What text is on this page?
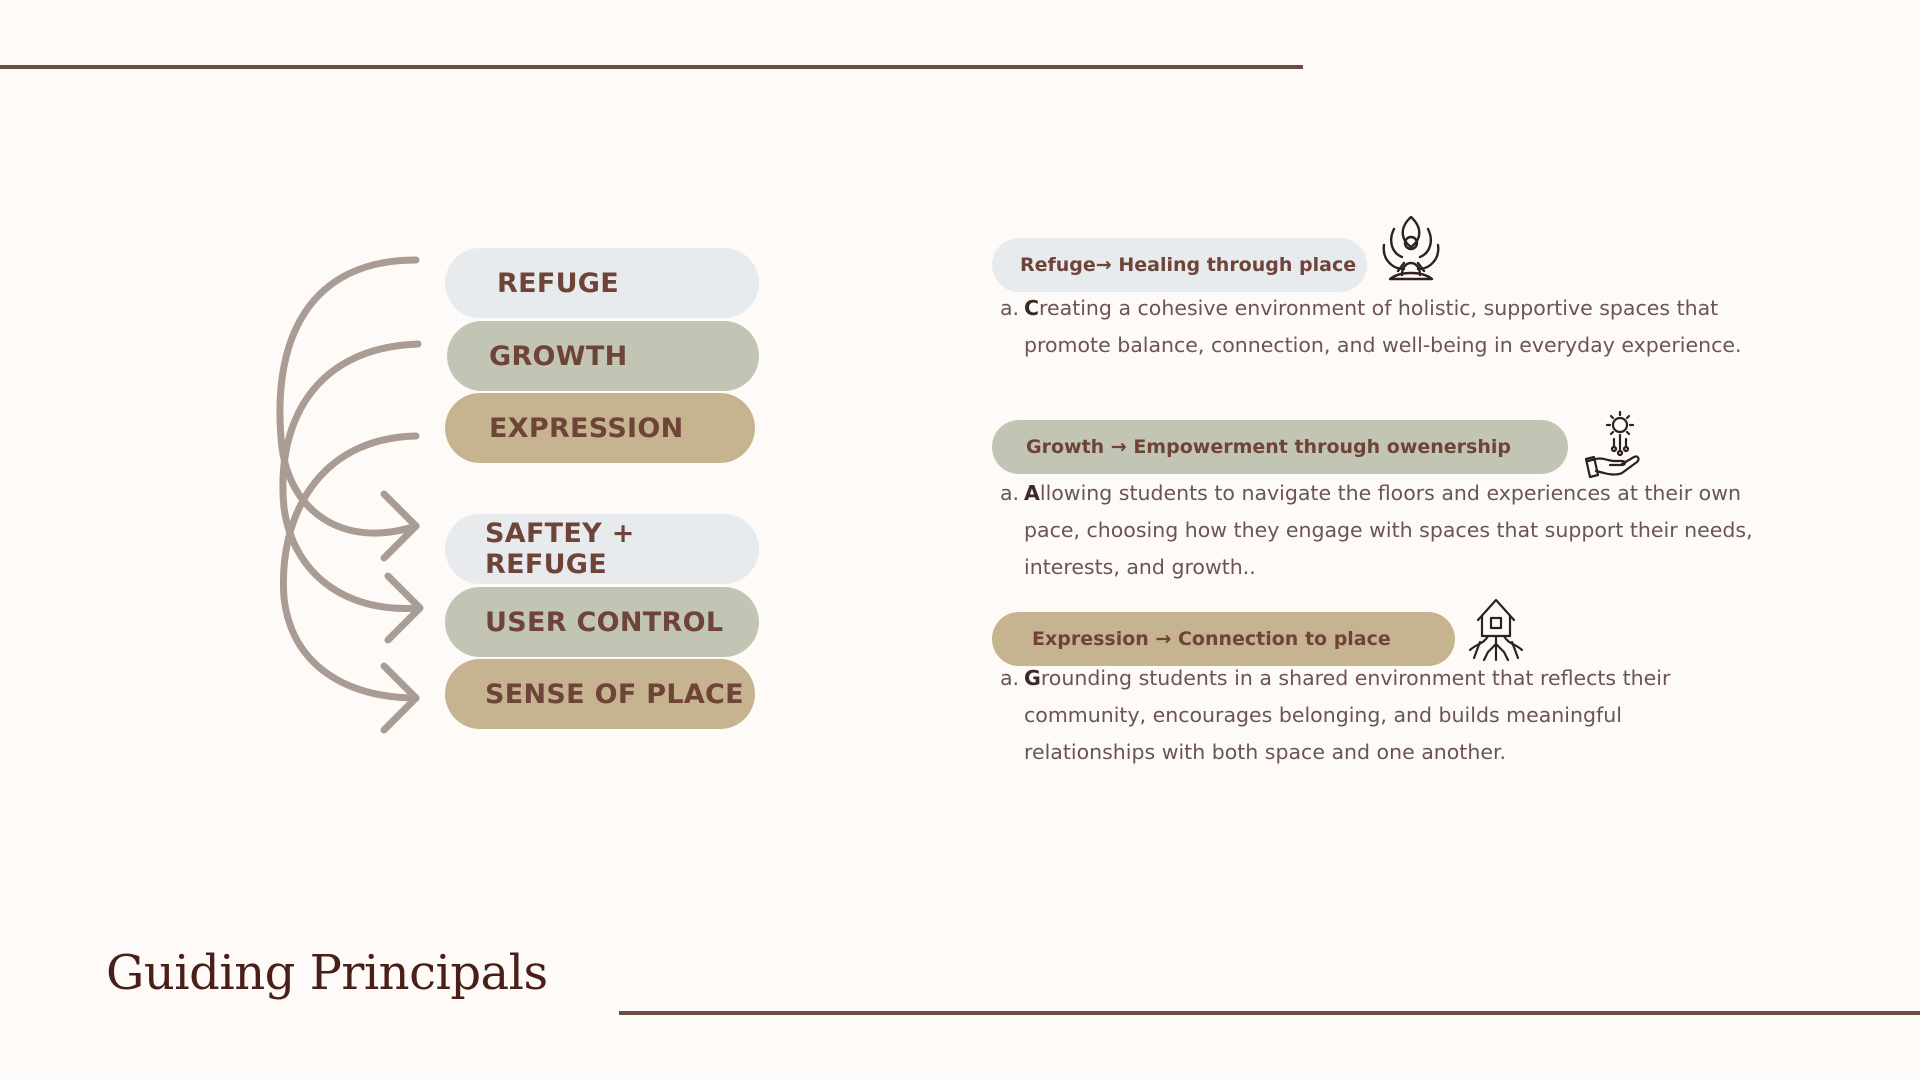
REFUGE
GROWTH
EXPRESSION
SAFTEY + REFUGE
USER CONTROL
SENSE OF PLACE
Refuge→ Healing through place
a. Creating a cohesive environment of holistic, supportive spaces that promote balance, connection, and well-being in everyday experience.
Growth → Empowerment through owenership
a. Allowing students to navigate the floors and experiences at their own pace, choosing how they engage with spaces that support their needs, interests, and growth..
Expression → Connection to place
a. Grounding students in a shared environment that reflects their community, encourages belonging, and builds meaningful relationships with both space and one another.
Guiding Principals
